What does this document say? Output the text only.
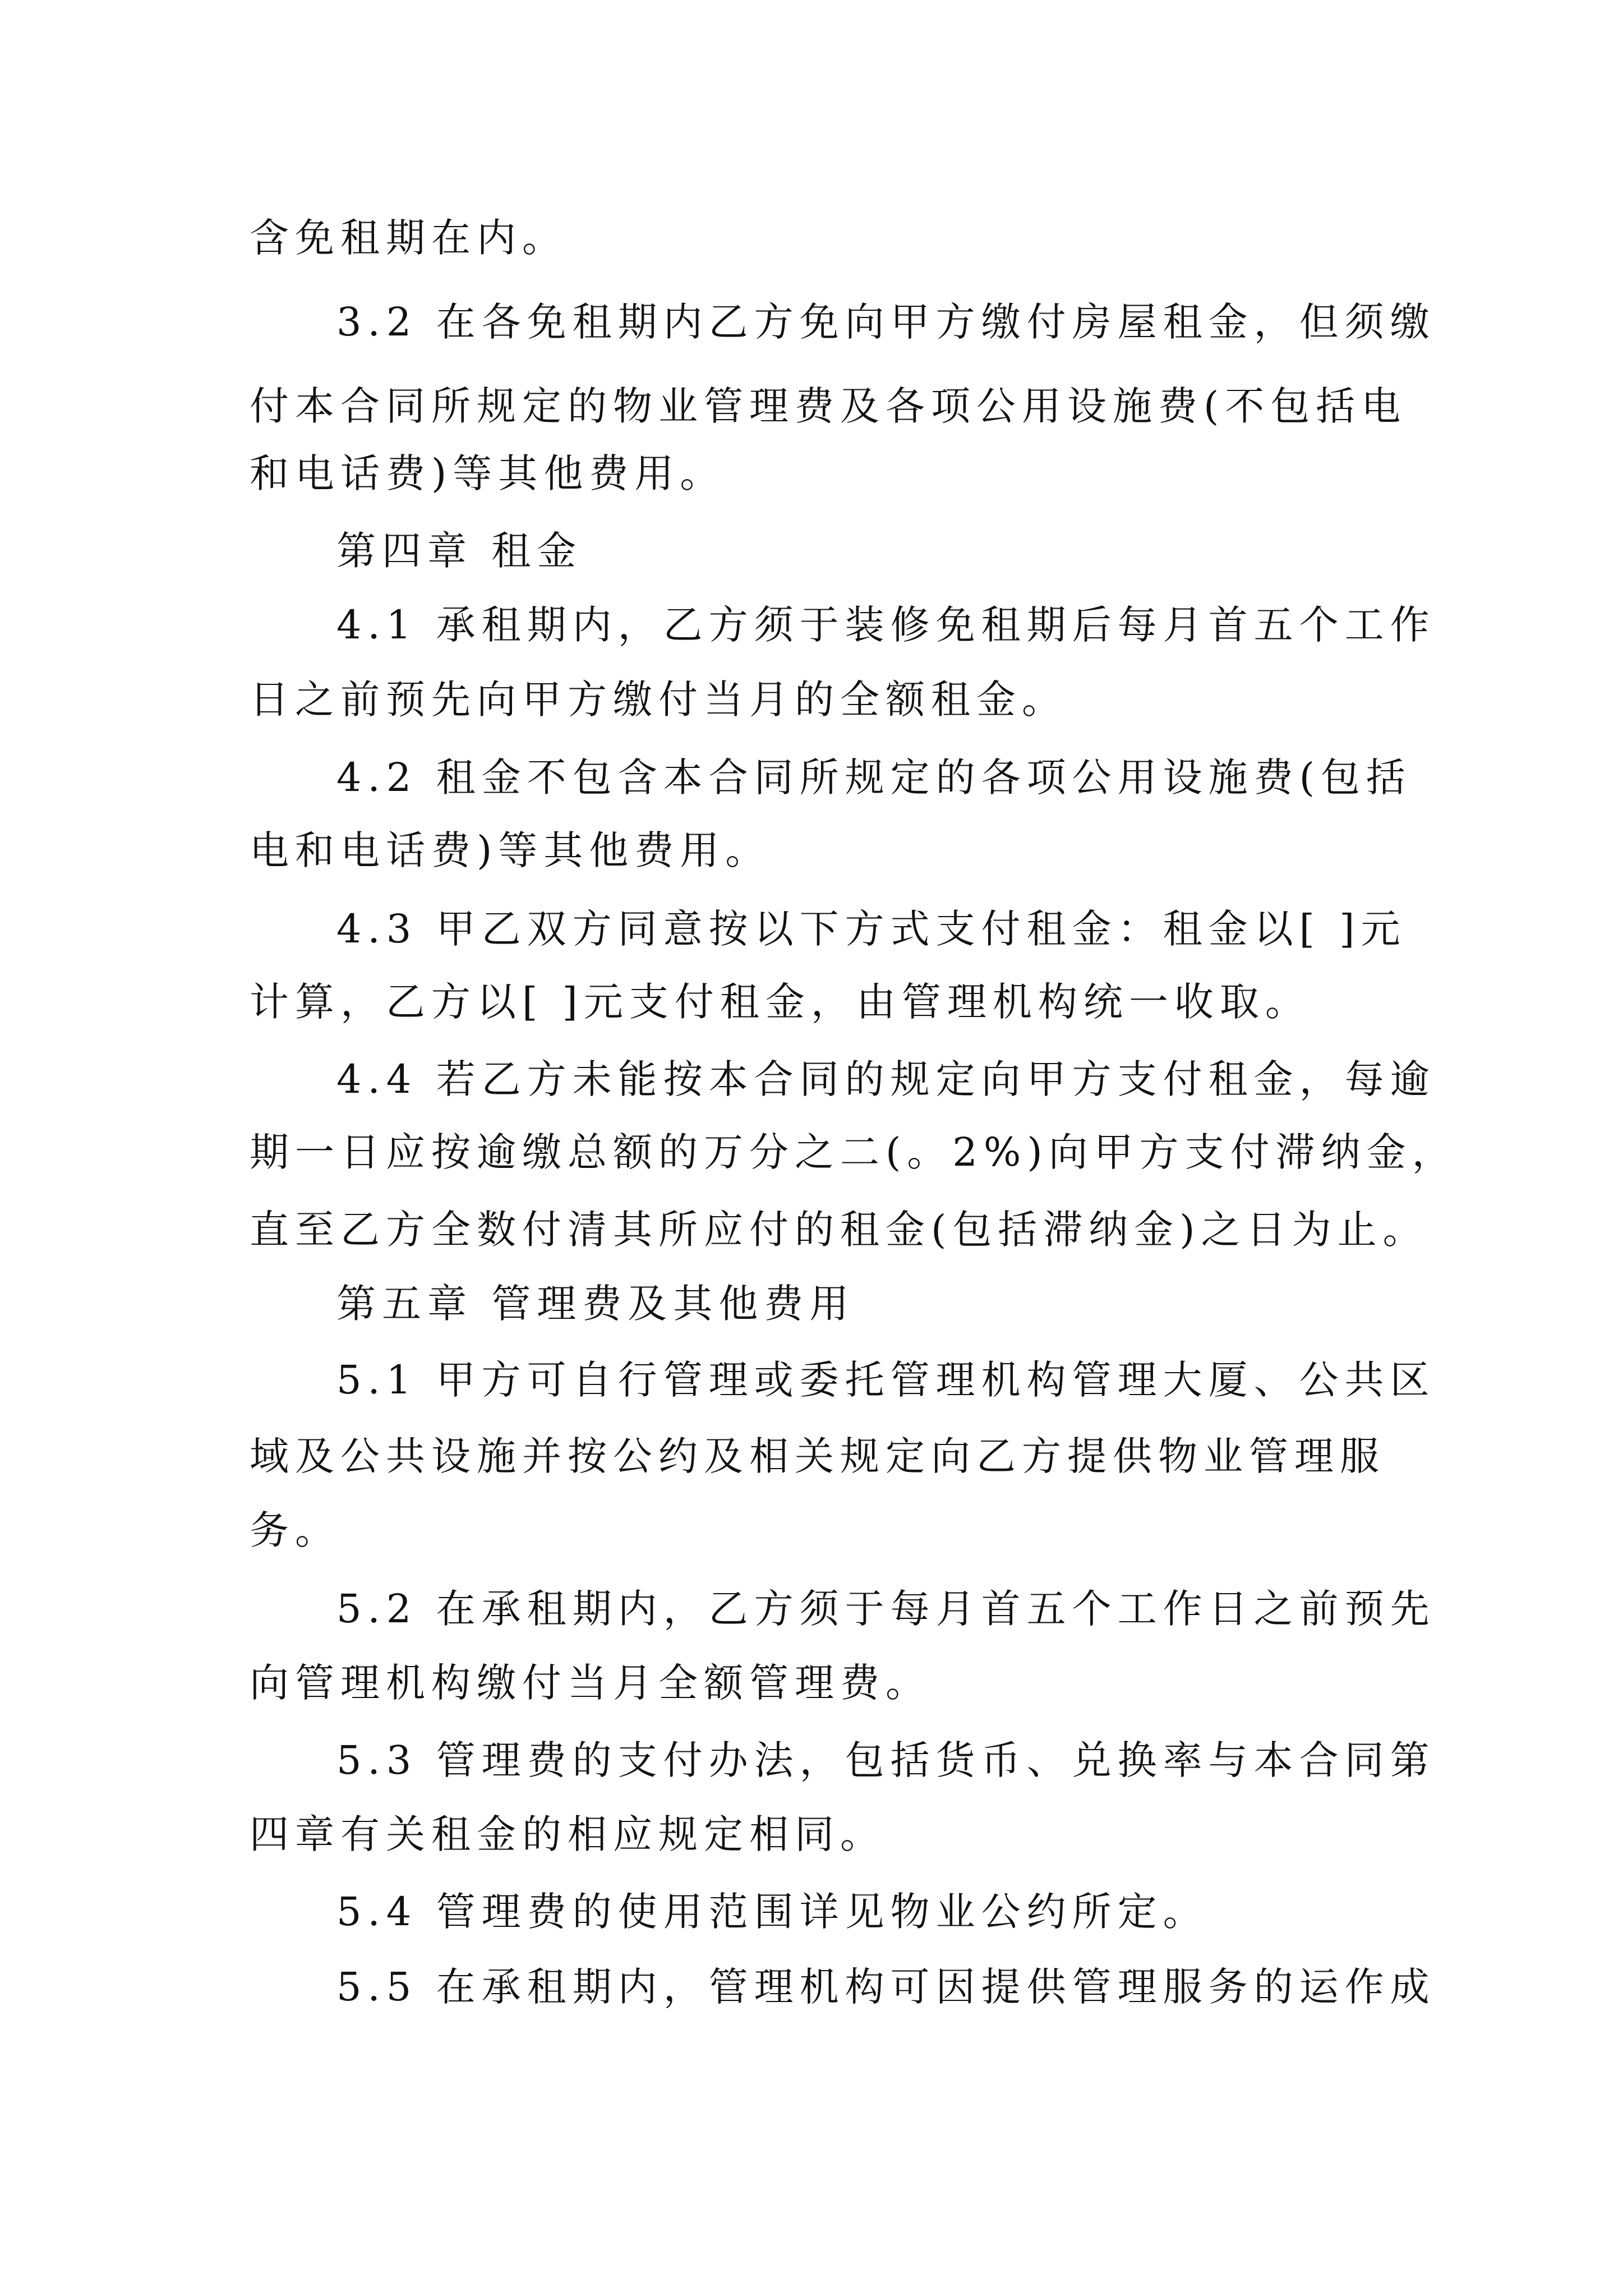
含免租期在内。
3.2 在各免租期内乙方免向甲方缴付房屋租金，但须缴
付本合同所规定的物业管理费及各项公用设施费(不包括电
和电话费)等其他费用。
第四章 租金
4.1 承租期内，乙方须于装修免租期后每月首五个工作
日之前预先向甲方缴付当月的全额租金。
4.2 租金不包含本合同所规定的各项公用设施费(包括
电和电话费)等其他费用。
4.3 甲乙双方同意按以下方式支付租金：租金以[ ]元
计算，乙方以[ ]元支付租金，由管理机构统一收取。
4.4 若乙方未能按本合同的规定向甲方支付租金，每逾
期一日应按逾缴总额的万分之二(。2%)向甲方支付滞纳金，
直至乙方全数付清其所应付的租金(包括滞纳金)之日为止。
第五章 管理费及其他费用
5.1 甲方可自行管理或委托管理机构管理大厦、公共区
域及公共设施并按公约及相关规定向乙方提供物业管理服
务。
5.2 在承租期内，乙方须于每月首五个工作日之前预先
向管理机构缴付当月全额管理费。
5.3 管理费的支付办法，包括货币、兑换率与本合同第
四章有关租金的相应规定相同。
5.4 管理费的使用范围详见物业公约所定。
5.5 在承租期内，管理机构可因提供管理服务的运作成
